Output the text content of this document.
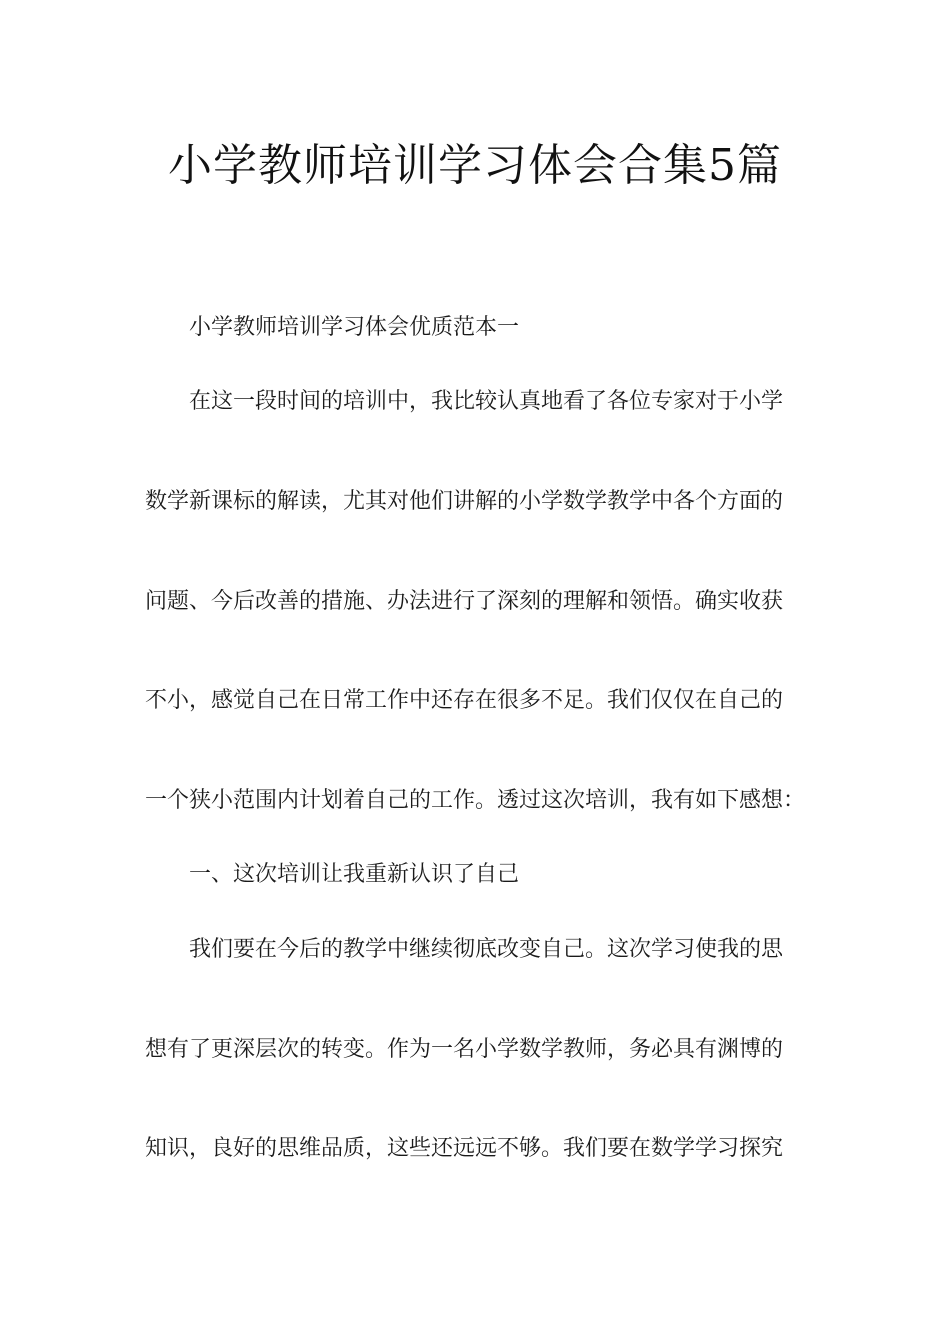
小学教师培训学习体会合集5篇

小学教师培训学习体会优质范本一

在这一段时间的培训中，我比较认真地看了各位专家对于小学

数学新课标的解读，尤其对他们讲解的小学数学教学中各个方面的

问题、今后改善的措施、办法进行了深刻的理解和领悟。确实收获

不小，感觉自己在日常工作中还存在很多不足。我们仅仅在自己的

一个狭小范围内计划着自己的工作。透过这次培训，我有如下感想：

一、这次培训让我重新认识了自己

我们要在今后的教学中继续彻底改变自己。这次学习使我的思

想有了更深层次的转变。作为一名小学数学教师，务必具有渊博的

知识，良好的思维品质，这些还远远不够。我们要在数学学习探究
